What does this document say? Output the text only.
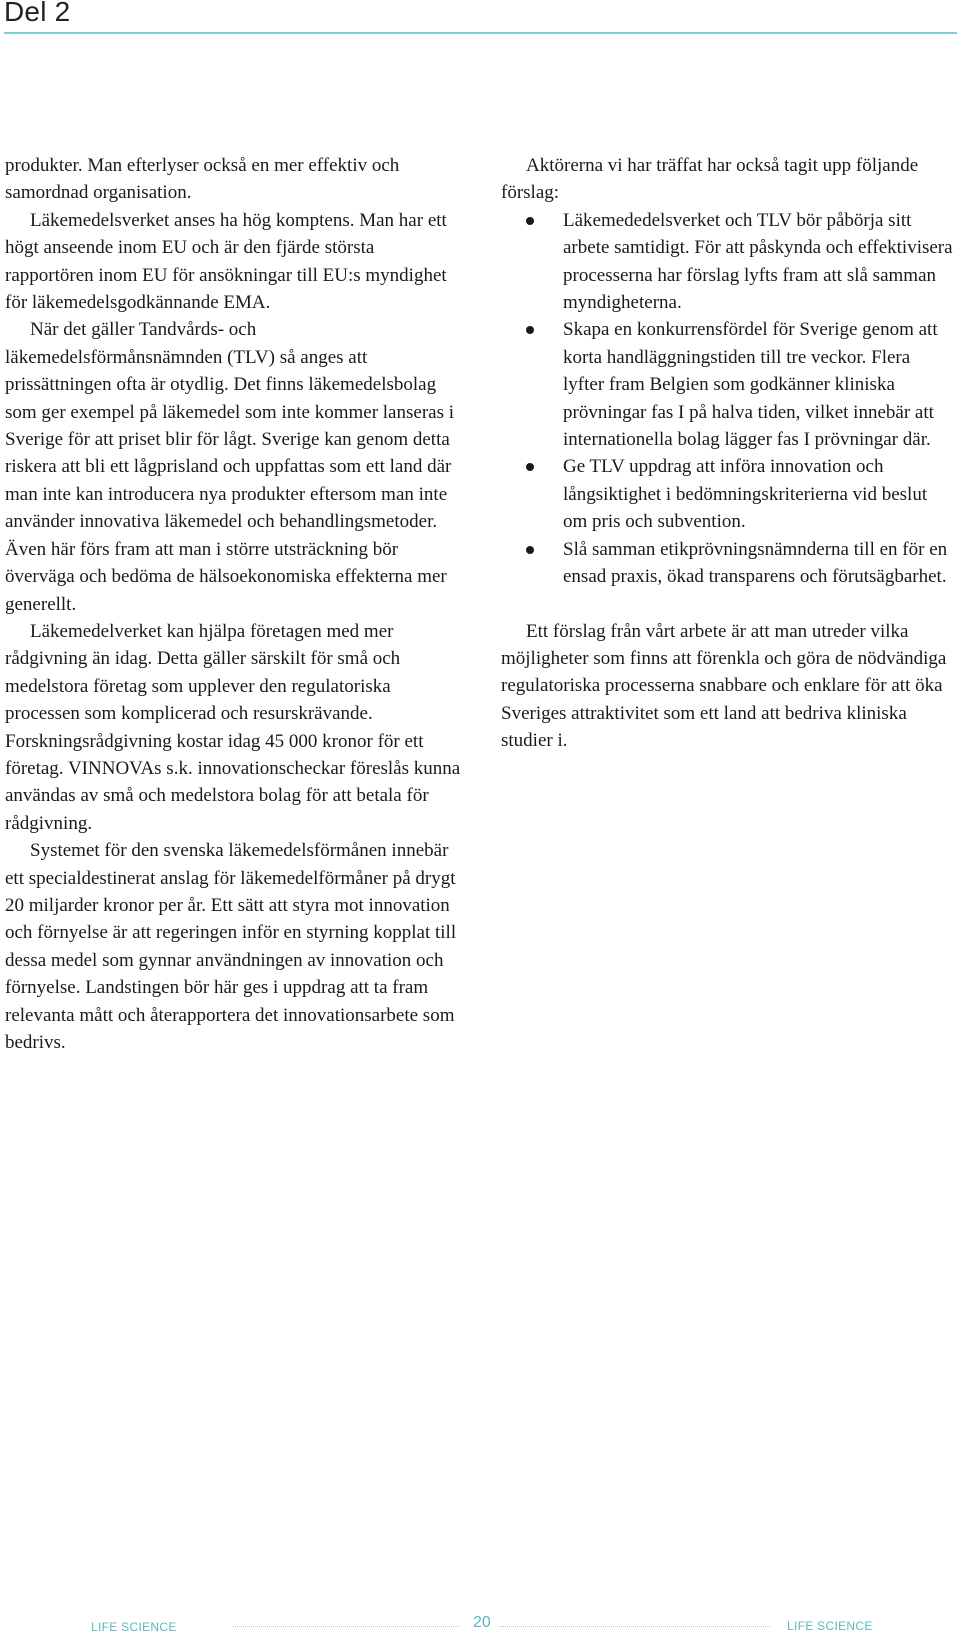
Del 2

produkter. Man efterlyser också en mer effektiv och samordnad organisation.

Läkemedelsverket anses ha hög komptens. Man har ett högt anseende inom EU och är den fjärde största rapportören inom EU för ansökningar till EU:s myndighet för läkemedelsgodkännande EMA.

När det gäller Tandvårds- och läkemedelsförmånsnämnden (TLV) så anges att prissättningen ofta är otydlig. Det finns läkemedelsbolag som ger exempel på läkemedel som inte kommer lanseras i Sverige för att priset blir för lågt. Sverige kan genom detta riskera att bli ett lågprisland och uppfattas som ett land där man inte kan introducera nya produkter eftersom man inte använder innovativa läkemedel och behandlingsmetoder. Även här förs fram att man i större utsträckning bör överväga och bedöma de hälsoekonomiska effekterna mer generellt.

Läkemedelverket kan hjälpa företagen med mer rådgivning än idag. Detta gäller särskilt för små och medelstora företag som upplever den regulatoriska processen som komplicerad och resurskrävande. Forskningsrådgivning kostar idag 45 000 kronor för ett företag. VINNOVAs s.k. innovationscheckar föreslås kunna användas av små och medelstora bolag för att betala för rådgivning.

Systemet för den svenska läkemedelsförmånen innebär ett specialdestinerat anslag för läkemedelförmåner på drygt 20 miljarder kronor per år. Ett sätt att styra mot innovation och förnyelse är att regeringen inför en styrning kopplat till dessa medel som gynnar användningen av innovation och förnyelse. Landstingen bör här ges i uppdrag att ta fram relevanta mått och återapportera det innovationsarbete som bedrivs.

Aktörerna vi har träffat har också tagit upp följande förslag:

Läkemededelsverket och TLV bör påbörja sitt arbete samtidigt. För att påskynda och effektivisera processerna har förslag lyfts fram att slå samman myndigheterna.
Skapa en konkurrensfördel för Sverige genom att korta handläggningstiden till tre veckor. Flera lyfter fram Belgien som godkänner kliniska prövningar fas I på halva tiden, vilket innebär att internationella bolag lägger fas I prövningar där.
Ge TLV uppdrag att införa innovation och långsiktighet i bedömningskriterierna vid beslut om pris och subvention.
Slå samman etikprövningsnämnderna till en för en ensad praxis, ökad transparens och förutsägbarhet.

Ett förslag från vårt arbete är att man utreder vilka möjligheter som finns att förenkla och göra de nödvändiga regulatoriska processerna snabbare och enklare för att öka Sveriges attraktivitet som ett land att bedriva kliniska studier i.

LIFE SCIENCE	20	LIFE SCIENCE
